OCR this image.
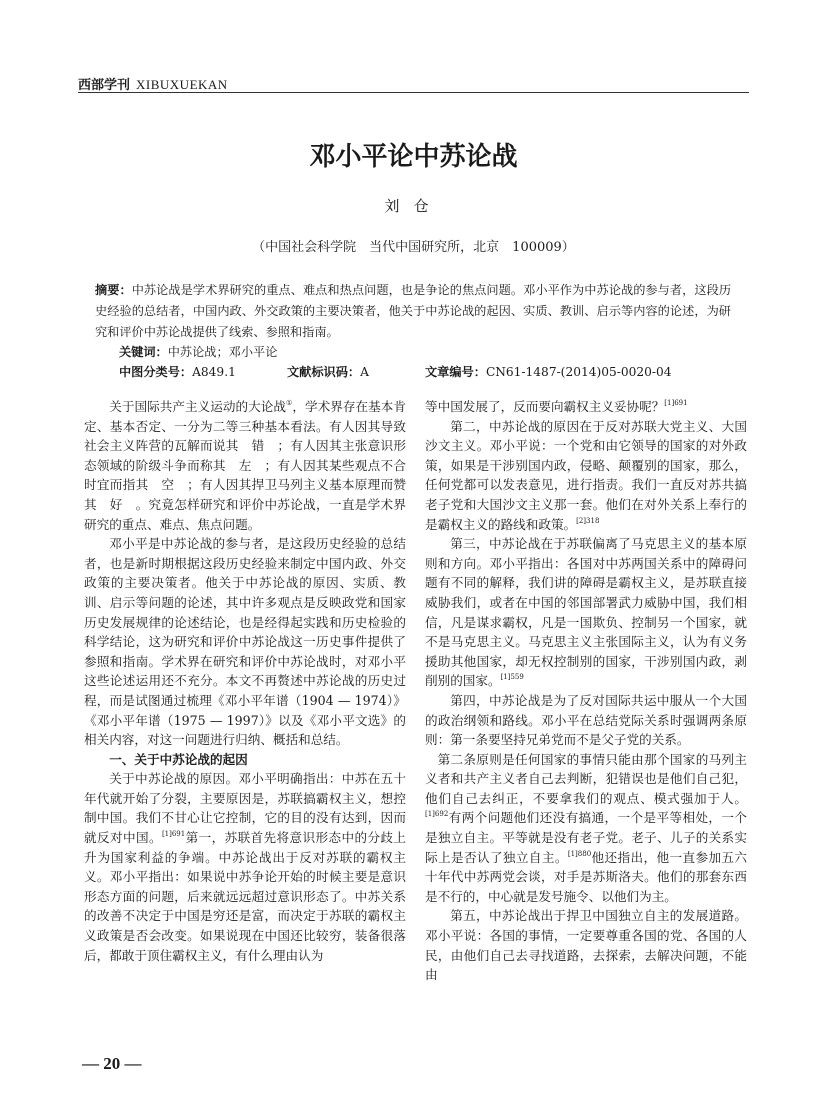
西部学刊 XIBUXUEKAN
邓小平论中苏论战
刘仓
（中国社会科学院　当代中国研究所，北京　100009）
摘要：中苏论战是学术界研究的重点、难点和热点问题，也是争论的焦点问题。邓小平作为中苏论战的参与者，这段历史经验的总结者，中国内政、外交政策的主要决策者，他关于中苏论战的起因、实质、教训、启示等内容的论述，为研究和评价中苏论战提供了线索、参照和指南。
关键词：中苏论战；邓小平论
中图分类号：A849.1	文献标识码：A	文章编号：CN61-1487-(2014)05-0020-04

关于国际共产主义运动的大论战①，学术界存在基本肯定、基本否定、一分为二等三种基本看法。有人因其导致社会主义阵营的瓦解而说其　错　；有人因其主张意识形态领域的阶级斗争而称其　左　；有人因其某些观点不合时宜而指其　空　；有人因其捍卫马列主义基本原理而赞其　好　。究竟怎样研究和评价中苏论战，一直是学术界研究的重点、难点、焦点问题。

邓小平是中苏论战的参与者，是这段历史经验的总结者，也是新时期根据这段历史经验来制定中国内政、外交政策的主要决策者。他关于中苏论战的原因、实质、教训、启示等问题的论述，其中许多观点是反映政党和国家历史发展规律的论述结论，也是经得起实践和历史检验的科学结论，这为研究和评价中苏论战这一历史事件提供了参照和指南。学术界在研究和评价中苏论战时，对邓小平这些论述运用还不充分。本文不再赘述中苏论战的历史过程，而是试图通过梳理《邓小平年谱（1904 — 1974）》《邓小平年谱（1975 — 1997）》以及《邓小平文选》的相关内容，对这一问题进行归纳、概括和总结。

一、关于中苏论战的起因

关于中苏论战的原因。邓小平明确指出：中苏在五十年代就开始了分裂，主要原因是，苏联搞霸权主义，想控制中国。我们不甘心让它控制，它的目的没有达到，因而就反对中国。$^{[1]691}$第一，苏联首先将意识形态中的分歧上升为国家利益的争端。中苏论战出于反对苏联的霸权主义。邓小平指出：如果说中苏争论开始的时候主要是意识形态方面的问题，后来就远远超过意识形态了。中苏关系的改善不决定于中国是穷还是富，而决定于苏联的霸权主义政策是否会改变。如果说现在中国还比较穷，装备很落后，都敢于顶住霸权主义，有什么理由认为

等中国发展了，反而要向霸权主义妥协呢？$^{[1]691}$

第二，中苏论战的原因在于反对苏联大党主义、大国沙文主义。邓小平说：一个党和由它领导的国家的对外政策，如果是干涉别国内政，侵略、颠覆别的国家，那么，任何党都可以发表意见，进行指责。我们一直反对苏共搞老子党和大国沙文主义那一套。他们在对外关系上奉行的是霸权主义的路线和政策。$^{[2]318}$

第三，中苏论战在于苏联偏离了马克思主义的基本原则和方向。邓小平指出：各国对中苏两国关系中的障碍问题有不同的解释，我们讲的障碍是霸权主义，是苏联直接威胁我们，或者在中国的邻国部署武力威胁中国，我们相信，凡是谋求霸权，凡是一国欺负、控制另一个国家，就不是马克思主义。马克思主义主张国际主义，认为有义务援助其他国家，却无权控制别的国家，干涉别国内政，剥削别的国家。$^{[1]559}$

第四，中苏论战是为了反对国际共运中服从一个大国的政治纲领和路线。邓小平在总结党际关系时强调两条原则：第一条要坚持兄弟党而不是父子党的关系。

第二条原则是任何国家的事情只能由那个国家的马列主义者和共产主义者自己去判断，犯错误也是他们自己犯，他们自己去纠正，不要拿我们的观点、模式强加于人。$^{[1]692}$有两个问题他们还没有搞通，一个是平等相处，一个是独立自主。平等就是没有老子党。老子、儿子的关系实际上是否认了独立自主。$^{[1]880}$他还指出，他一直参加五六十年代中苏两党会谈，对手是苏斯洛夫。他们的那套东西是不行的，中心就是发号施令、以他们为主。

第五，中苏论战出于捍卫中国独立自主的发展道路。邓小平说：各国的事情，一定要尊重各国的党、各国的人民，由他们自己去寻找道路，去探索，去解决问题，不能由

— 20 —
